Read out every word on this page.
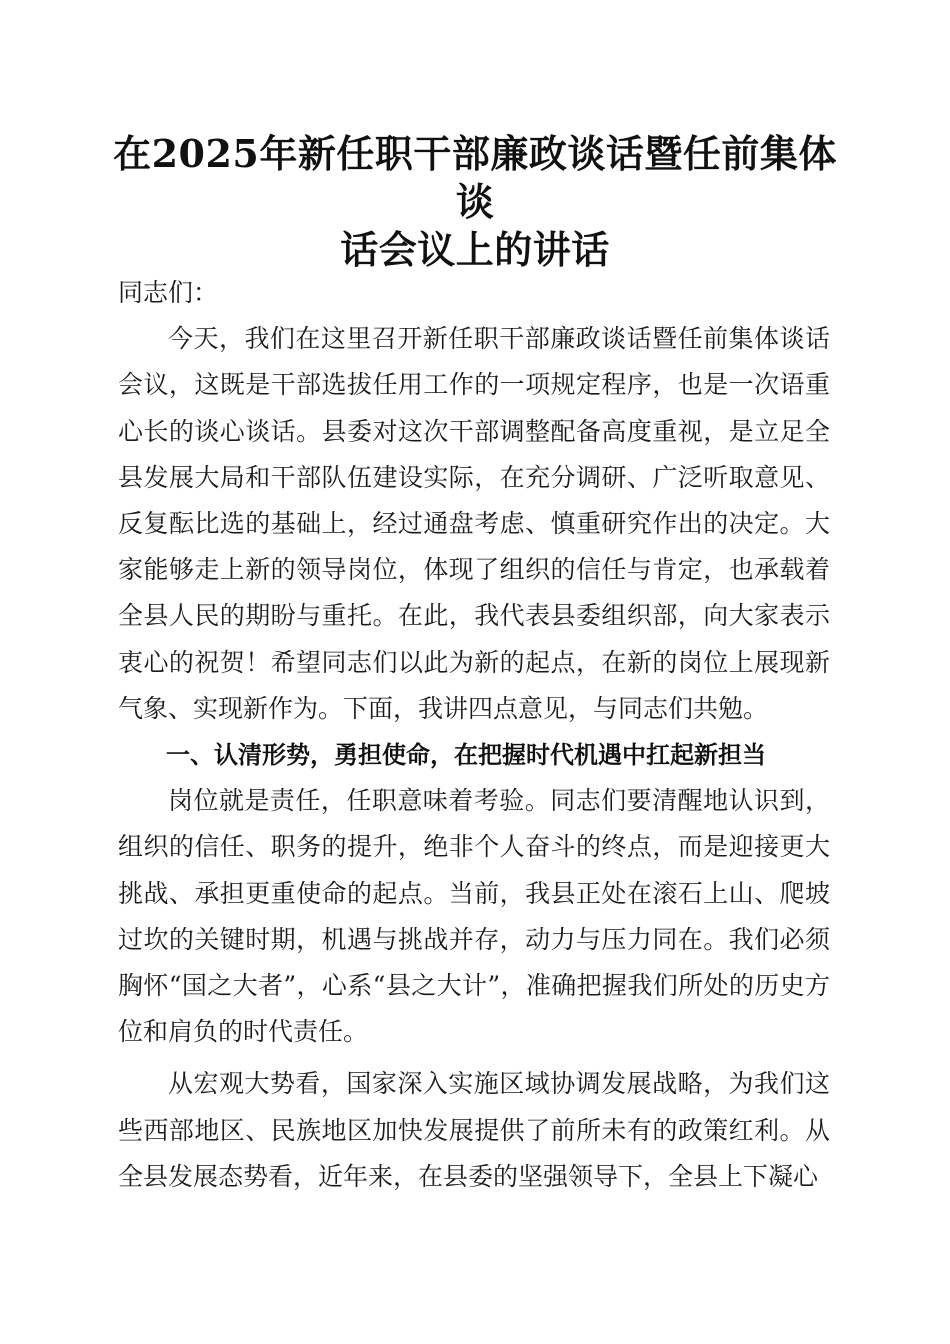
在2025年新任职干部廉政谈话暨任前集体谈
话会议上的讲话

同志们：

今天，我们在这里召开新任职干部廉政谈话暨任前集体谈话会议，这既是干部选拔任用工作的一项规定程序，也是一次语重心长的谈心谈话。县委对这次干部调整配备高度重视，是立足全县发展大局和干部队伍建设实际，在充分调研、广泛听取意见、反复酝比选的基础上，经过通盘考虑、慎重研究作出的决定。大家能够走上新的领导岗位，体现了组织的信任与肯定，也承载着全县人民的期盼与重托。在此，我代表县委组织部，向大家表示衷心的祝贺！希望同志们以此为新的起点，在新的岗位上展现新气象、实现新作为。下面，我讲四点意见，与同志们共勉。

一、认清形势，勇担使命，在把握时代机遇中扛起新担当

岗位就是责任，任职意味着考验。同志们要清醒地认识到，组织的信任、职务的提升，绝非个人奋斗的终点，而是迎接更大挑战、承担更重使命的起点。当前，我县正处在滚石上山、爬坡过坎的关键时期，机遇与挑战并存，动力与压力同在。我们必须胸怀“国之大者”，心系“县之大计”，准确把握我们所处的历史方位和肩负的时代责任。

从宏观大势看，国家深入实施区域协调发展战略，为我们这些西部地区、民族地区加快发展提供了前所未有的政策红利。从全县发展态势看，近年来，在县委的坚强领导下，全县上下凝心
